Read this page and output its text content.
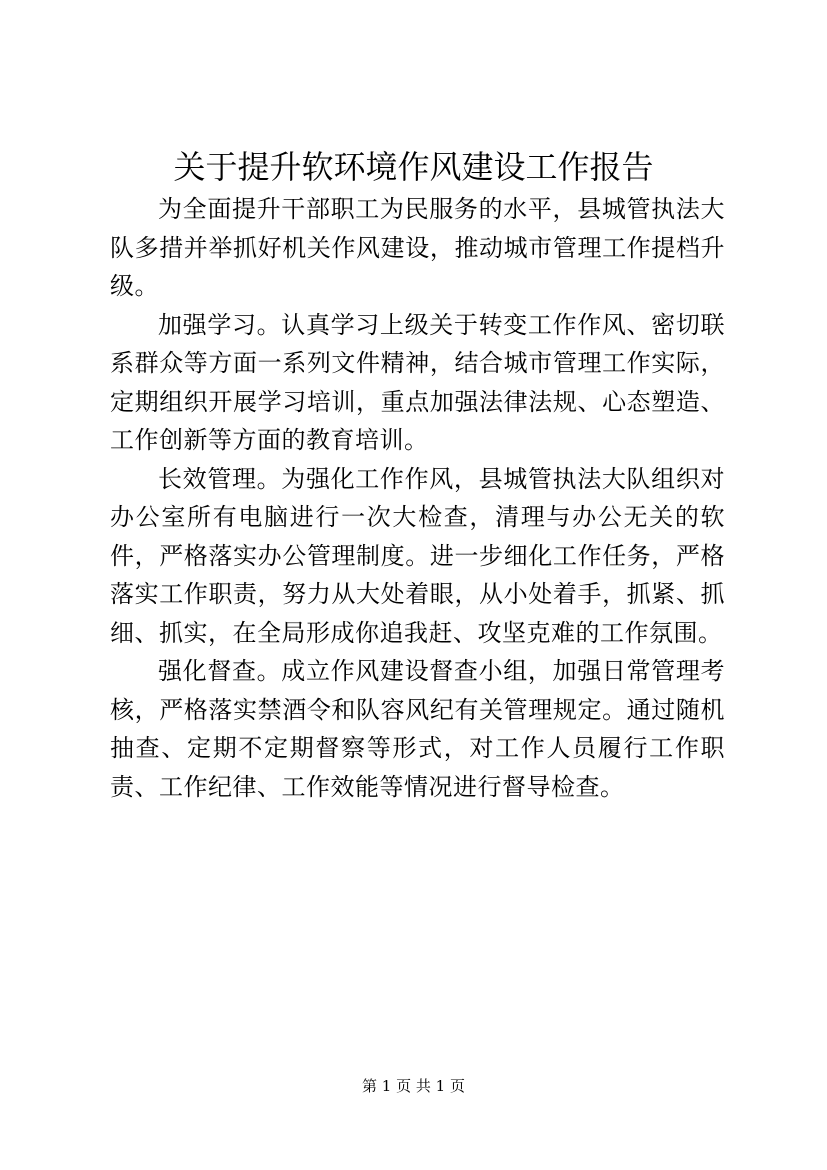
关于提升软环境作风建设工作报告

为全面提升干部职工为民服务的水平，县城管执法大队多措并举抓好机关作风建设，推动城市管理工作提档升级。

加强学习。认真学习上级关于转变工作作风、密切联系群众等方面一系列文件精神，结合城市管理工作实际，定期组织开展学习培训，重点加强法律法规、心态塑造、工作创新等方面的教育培训。

长效管理。为强化工作作风，县城管执法大队组织对办公室所有电脑进行一次大检查，清理与办公无关的软件，严格落实办公管理制度。进一步细化工作任务，严格落实工作职责，努力从大处着眼，从小处着手，抓紧、抓细、抓实，在全局形成你追我赶、攻坚克难的工作氛围。

强化督查。成立作风建设督查小组，加强日常管理考核，严格落实禁酒令和队容风纪有关管理规定。通过随机抽查、定期不定期督察等形式，对工作人员履行工作职责、工作纪律、工作效能等情况进行督导检查。

第 1 页 共 1 页
